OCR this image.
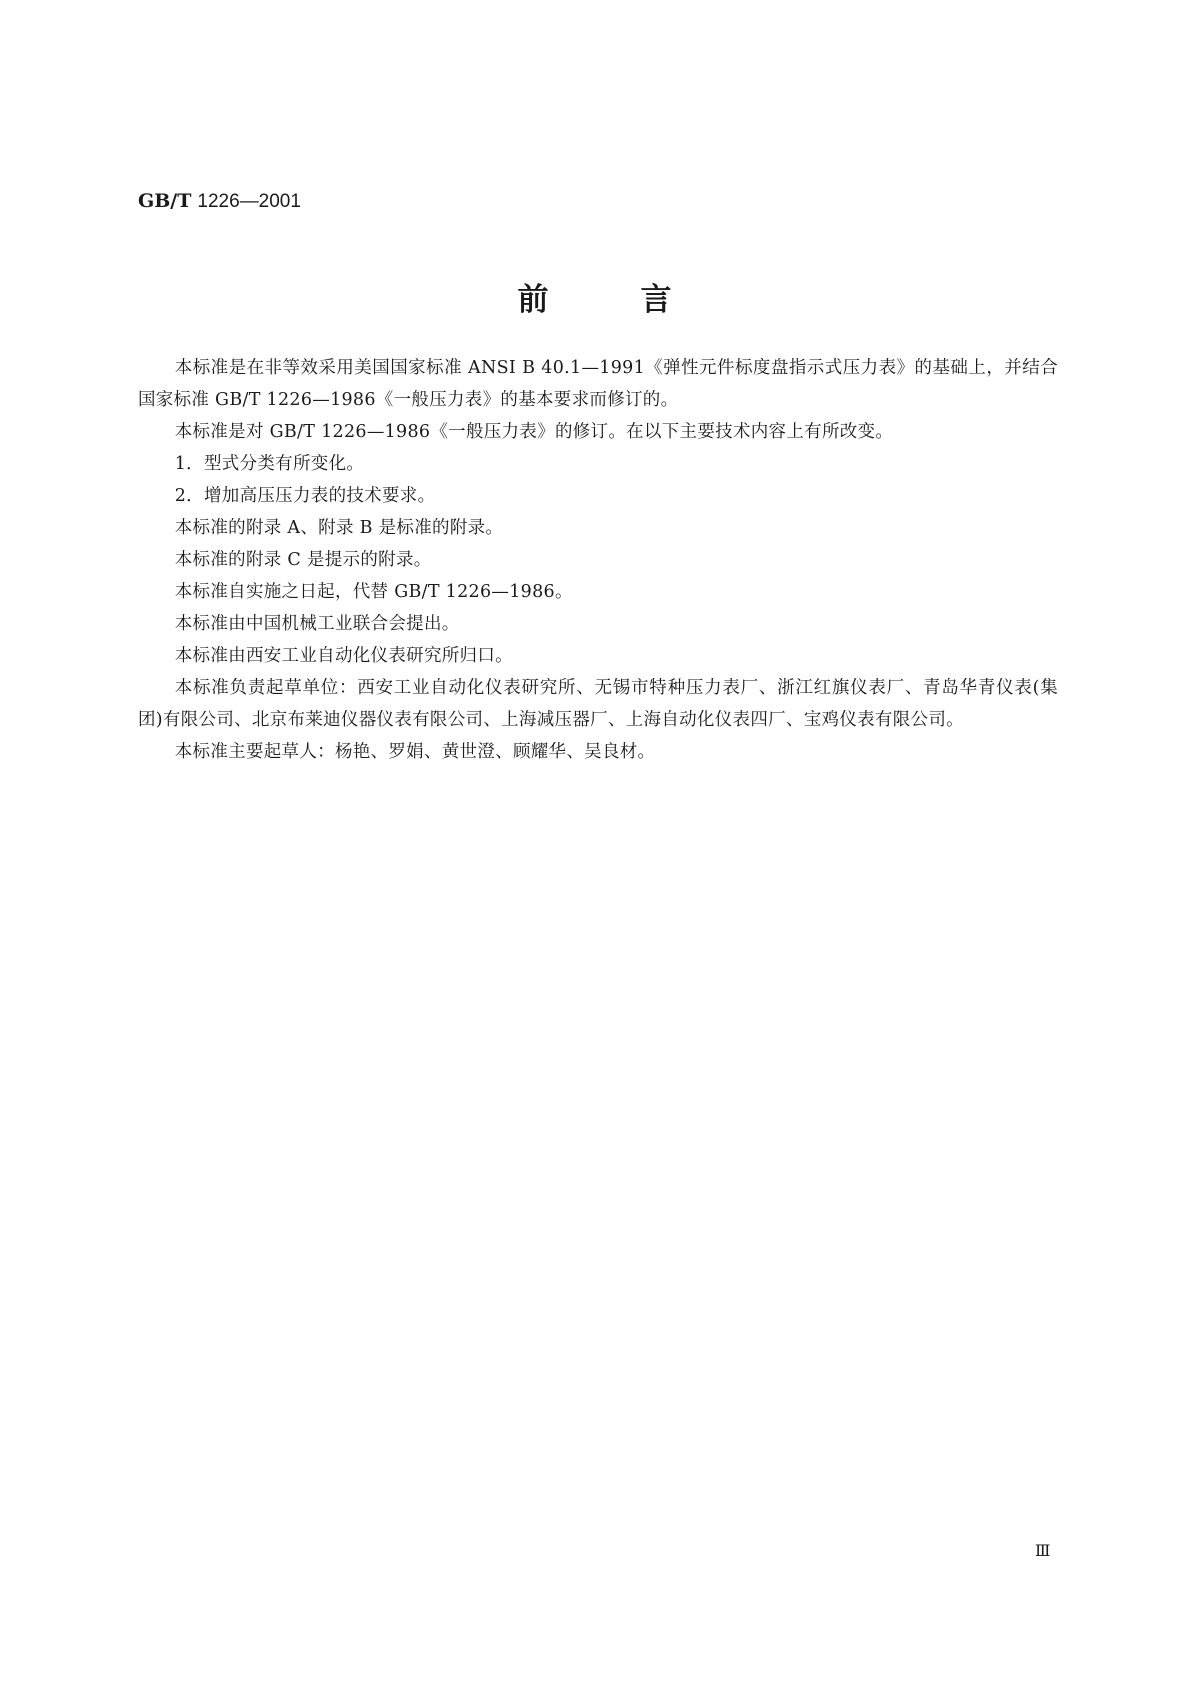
GB/T 1226—2001
前	言

本标准是在非等效采用美国国家标准 ANSI B 40.1—1991《弹性元件标度盘指示式压力表》的基础上，并结合国家标准 GB/T 1226—1986《一般压力表》的基本要求而修订的。

本标准是对 GB/T 1226—1986《一般压力表》的修订。在以下主要技术内容上有所改变。

1．型式分类有所变化。

2．增加高压压力表的技术要求。

本标准的附录 A、附录 B 是标准的附录。

本标准的附录 C 是提示的附录。

本标准自实施之日起，代替 GB/T 1226—1986。

本标准由中国机械工业联合会提出。

本标准由西安工业自动化仪表研究所归口。

本标准负责起草单位：西安工业自动化仪表研究所、无锡市特种压力表厂、浙江红旗仪表厂、青岛华青仪表(集团)有限公司、北京布莱迪仪器仪表有限公司、上海减压器厂、上海自动化仪表四厂、宝鸡仪表有限公司。

本标准主要起草人：杨艳、罗娟、黄世澄、顾耀华、吴良材。

Ⅲ
